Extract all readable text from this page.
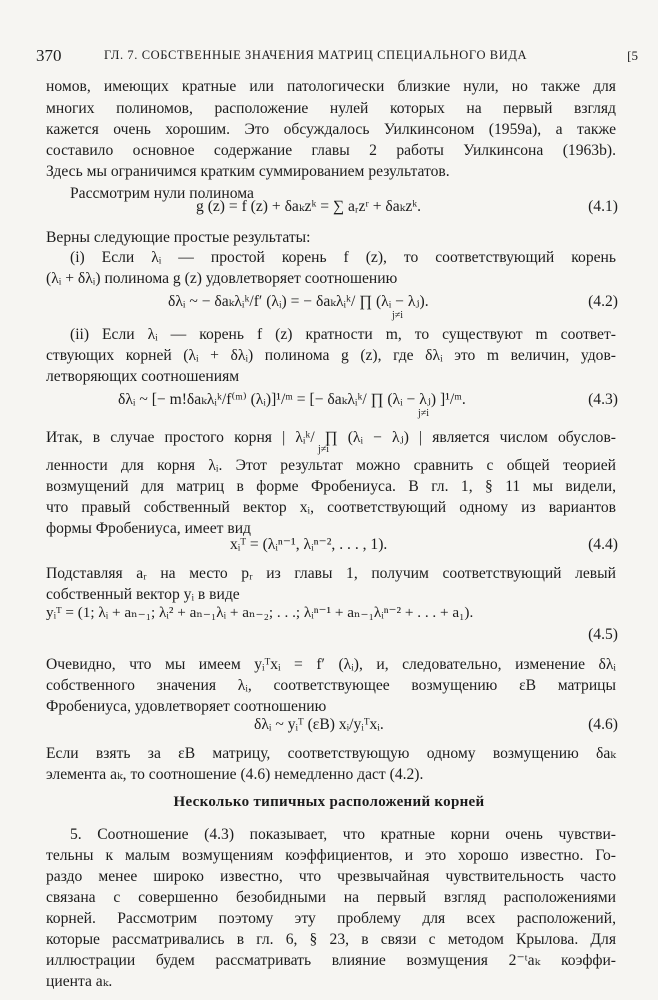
370	ГЛ. 7. СОБСТВЕННЫЕ ЗНАЧЕНИЯ МАТРИЦ СПЕЦИАЛЬНОГО ВИДА	[5
номов, имеющих кратные или патологически близкие нули, но также для
многих полиномов, расположение нулей которых на первый взгляд
кажется очень хорошим. Это обсуждалось Уилкинсоном (1959a), а также
составило основное содержание главы 2 работы Уилкинсона (1963b).
Здесь мы ограничимся кратким суммированием результатов.
Рассмотрим нули полинома
g (z) = f (z) + δaₖzᵏ = ∑ aᵣzʳ + δaₖzᵏ.	(4.1)
Верны следующие простые результаты:
(i) Если λᵢ — простой корень f (z), то соответствующий корень
(λᵢ + δλᵢ) полинома g (z) удовлетворяет соотношению
δλᵢ ~ − δaₖλᵢᵏ/f′ (λᵢ) = − δaₖλᵢᵏ/ ∏ (λᵢ − λⱼ).
j≠i
(4.2)
(ii) Если λᵢ — корень f (z) кратности m, то существуют m соответ-
ствующих корней (λᵢ + δλᵢ) полинома g (z), где δλᵢ это m величин, удов-
летворяющих соотношениям
δλᵢ ~ [− m!δaₖλᵢᵏ/f⁽ᵐ⁾ (λᵢ)]¹/ᵐ = [− δaₖλᵢᵏ/ ∏ (λᵢ − λⱼ) ]¹/ᵐ.
j≠i
(4.3)
Итак, в случае простого корня | λᵢᵏ/ ∏ (λᵢ − λⱼ) | является числом обуслов-
j≠i
ленности для корня λᵢ. Этот результат можно сравнить с общей теорией
возмущений для матриц в форме Фробениуса. В гл. 1, § 11 мы видели,
что правый собственный вектор xᵢ, соответствующий одному из вариантов
формы Фробениуса, имеет вид
xᵢᵀ = (λᵢⁿ⁻¹, λᵢⁿ⁻², . . . , 1).	(4.4)
Подставляя aᵣ на место pᵣ из главы 1, получим соответствующий левый
собственный вектор yᵢ в виде
yᵢᵀ = (1; λᵢ + aₙ₋₁; λᵢ² + aₙ₋₁λᵢ + aₙ₋₂; . . .; λᵢⁿ⁻¹ + aₙ₋₁λᵢⁿ⁻² + . . . + a₁).
(4.5)
Очевидно, что мы имеем yᵢᵀxᵢ = f′ (λᵢ), и, следовательно, изменение δλᵢ
собственного значения λᵢ, соответствующее возмущению εB матрицы
Фробениуса, удовлетворяет соотношению
δλᵢ ~ yᵢᵀ (εB) xᵢ/yᵢᵀxᵢ.	(4.6)
Если взять за εB матрицу, соответствующую одному возмущению δaₖ
элемента aₖ, то соотношение (4.6) немедленно даст (4.2).
Несколько типичных расположений корней
5. Соотношение (4.3) показывает, что кратные корни очень чувстви-
тельны к малым возмущениям коэффициентов, и это хорошо известно. Го-
раздо менее широко известно, что чрезвычайная чувствительность часто
связана с совершенно безобидными на первый взгляд расположениями
корней. Рассмотрим поэтому эту проблему для всех расположений,
которые рассматривались в гл. 6, § 23, в связи с методом Крылова. Для
иллюстрации будем рассматривать влияние возмущения 2⁻ᵗaₖ коэффи-
циента aₖ.
